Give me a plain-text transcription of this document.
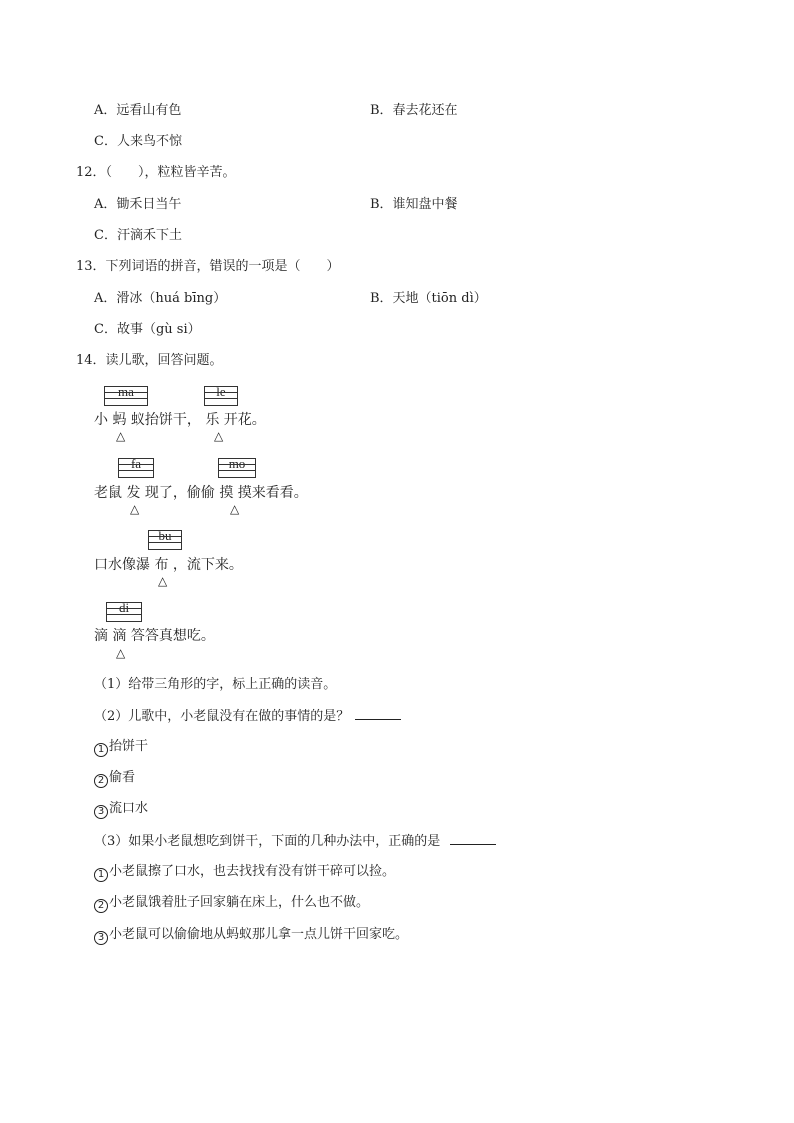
A．远看山有色	B．春去花还在
C．人来鸟不惊
12．（　　），粒粒皆辛苦。
A．锄禾日当午	B．谁知盘中餐
C．汗滴禾下土
13．下列词语的拼音，错误的一项是（　　）
A．滑冰（huá bīng）	B．天地（tiōn dì）
C．故事（gù si）
14．读儿歌，回答问题。
ma	le
小 蚂 蚁抬饼干， 乐 开花。
△	△
fa	mo
老鼠 发 现了，偷偷 摸 摸来看看。
△	△
bu
口水像瀑 布 ，流下来。
△
di
滴 滴 答答真想吃。
△
（1）给带三角形的字，标上正确的读音。
（2）儿歌中，小老鼠没有在做的事情的是？
1 抬饼干
2 偷看
3 流口水
（3）如果小老鼠想吃到饼干，下面的几种办法中，正确的是
1 小老鼠擦了口水，也去找找有没有饼干碎可以捡。
2 小老鼠饿着肚子回家躺在床上，什么也不做。
3 小老鼠可以偷偷地从蚂蚁那儿拿一点儿饼干回家吃。
